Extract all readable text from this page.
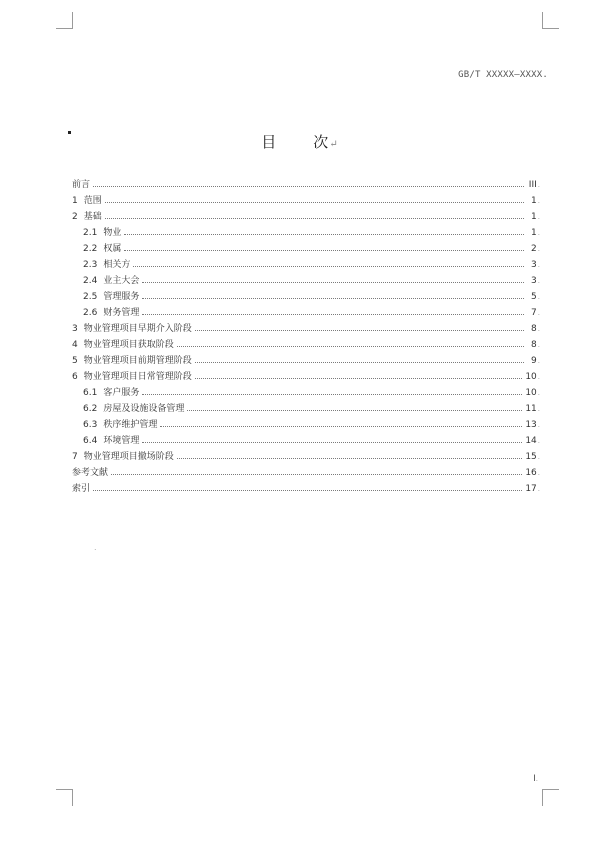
GB/T XXXXX—XXXX.
目 次↵
前言	III .
1 范围	1 .
2 基础	1 .
2.1 物业	1 .
2.2 权属	2 .
2.3 相关方	3 .
2.4 业主大会	3 .
2.5 管理服务	5 .
2.6 财务管理	7 .
3 物业管理项目早期介入阶段	8 .
4 物业管理项目获取阶段	8 .
5 物业管理项目前期管理阶段	9 .
6 物业管理项目日常管理阶段	10 .
6.1 客户服务	10 .
6.2 房屋及设施设备管理	11 .
6.3 秩序维护管理	13 .
6.4 环境管理	14 .
7 物业管理项目撤场阶段	15 .
参考文献	16 .
索引	17 .
.
I.
